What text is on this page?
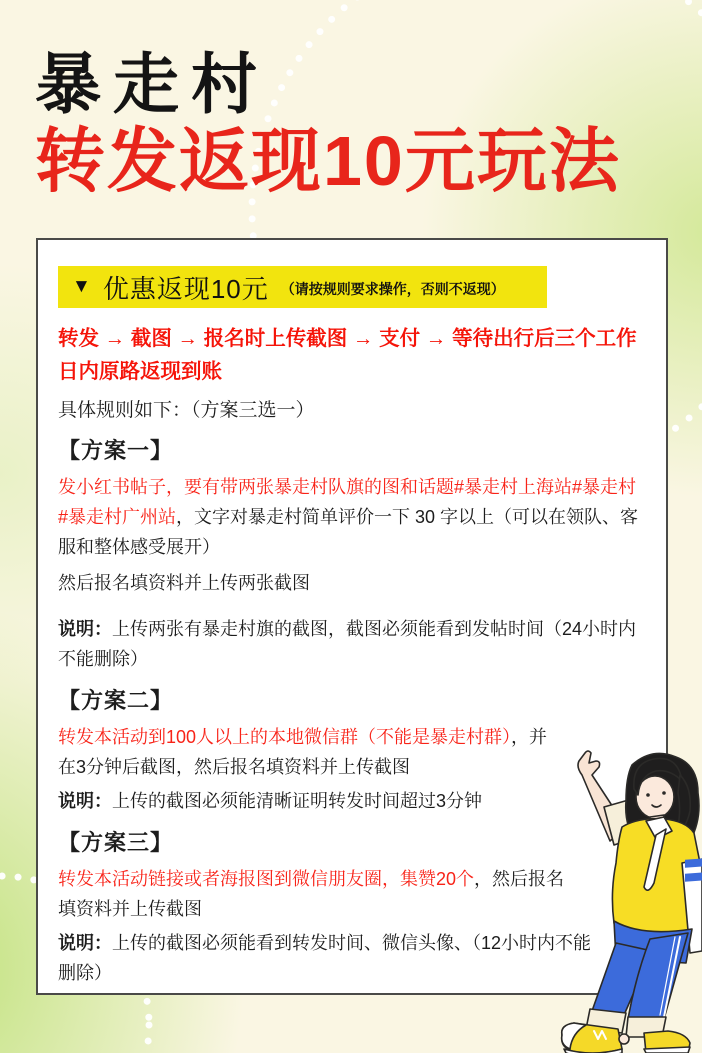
暴走村
转发返现10元玩法
▼ 优惠返现10元 （请按规则要求操作，否则不返现）

转发 → 截图 → 报名时上传截图 → 支付 → 等待出行后三个工作日内原路返现到账

具体规则如下：（方案三选一）

【方案一】

发小红书帖子，要有带两张暴走村队旗的图和话题#暴走村上海站#暴走村#暴走村广州站，文字对暴走村简单评价一下 30 字以上（可以在领队、客服和整体感受展开）

然后报名填资料并上传两张截图

说明：上传两张有暴走村旗的截图，截图必须能看到发帖时间（24小时内不能删除）

【方案二】

转发本活动到100人以上的本地微信群（不能是暴走村群），并在3分钟后截图，然后报名填资料并上传截图

说明：上传的截图必须能清晰证明转发时间超过3分钟

【方案三】

转发本活动链接或者海报图到微信朋友圈，集赞20个，然后报名填资料并上传截图

说明：上传的截图必须能看到转发时间、微信头像、（12小时内不能删除）
